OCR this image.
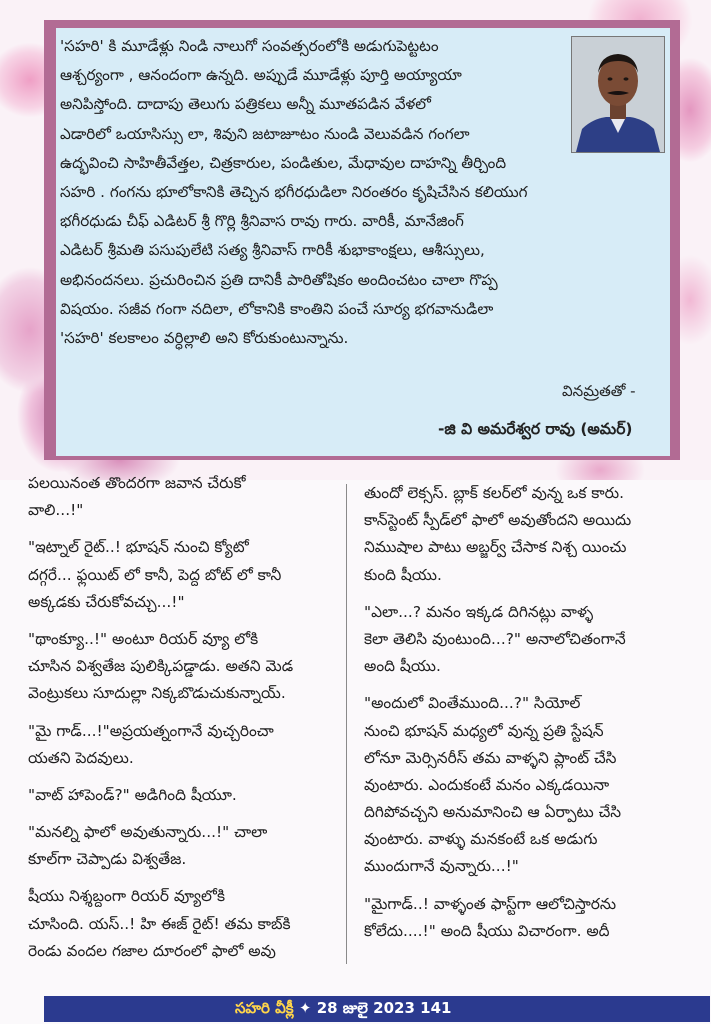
'సహరి' కి మూడేళ్లు నిండి నాలుగో సంవత్సరంలోకి అడుగుపెట్టటం
ఆశ్చర్యంగా , ఆనందంగా ఉన్నది. అప్పుడే మూడేళ్లు పూర్తి అయ్యాయా
అనిపిస్తోంది. దాదాపు తెలుగు పత్రికలు అన్నీ మూతపడిన వేళలో
ఎడారిలో ఒయాసిస్సు లా, శివుని జటాజూటం నుండి వెలువడిన గంగలా
ఉద్భవించి సాహితీవేత్తల, చిత్రకారుల, పండితుల, మేధావుల దాహన్ని తీర్చింది
సహరి . గంగను భూలోకానికి తెచ్చిన భగీరధుడిలా నిరంతరం కృషిచేసిన కలియుగ
భగీరధుడు చీఫ్ ఎడిటర్ శ్రీ గొర్లి శ్రీనివాస రావు గారు. వారికీ, మానేజింగ్
ఎడిటర్ శ్రీమతి పసుపులేటి సత్య శ్రీనివాస్ గారికీ శుభాకాంక్షలు, ఆశీస్సులు,
అభినందనలు. ప్రచురించిన ప్రతి దానికీ పారితోషికం అందించటం చాలా గొప్ప
విషయం. సజీవ గంగా నదిలా, లోకానికి కాంతిని పంచే సూర్య భగవానుడిలా
'సహరి' కలకాలం వర్ధిల్లాలి అని కోరుకుంటున్నాను.
వినమ్రతతో -
-జి వి అమరేశ్వర రావు (అమర్)
పలయినంత తొందరగా జవాన చేరుకో
వాలి...!"
"ఇట్నాల్ రైట్..! భూషన్ నుంచి క్యోటో
దగ్గరే... ఫ్లయిట్ లో కానీ, పెద్ద బోట్ లో కానీ
అక్కడకు చేరుకోవచ్చు...!"
"థాంక్యూ..!" అంటూ రియర్ వ్యూ లోకి
చూసిన విశ్వతేజ పులిక్కిపడ్డాడు. అతని మెడ
వెంట్రుకలు సూదుల్లా నిక్కబొడుచుకున్నాయ్.
"మై గాడ్...!"అప్రయత్నంగానే వుచ్చరించా
యతని పెదవులు.
"వాట్ హాపెండ్?" అడిగింది షీయూ.
"మనల్ని ఫాలో అవుతున్నారు...!" చాలా
కూల్‌గా చెప్పాడు విశ్వతేజ.
షీయు నిశ్శబ్దంగా రియర్ వ్యూలోకి
చూసింది. యస్..! హి ఈజ్ రైట్! తమ కాబ్‌కి
రెండు వందల గజాల దూరంలో ఫాలో అవు
తుందో లెక్సస్. బ్లాక్ కలర్‌లో వున్న ఒక కారు.
కాన్‌స్టెంట్ స్పీడ్‌లో ఫాలో అవుతోందని అయిదు
నిముషాల పాటు అబ్జర్వ్ చేసాక నిశ్చ యించు
కుంది షీయు.
"ఎలా...? మనం ఇక్కడ దిగినట్లు వాళ్ళ
కెలా తెలిసి వుంటుంది...?" అనాలోచితంగానే
అంది షీయు.
"అందులో వింతేముంది...?" సియోల్
నుంచి భూషన్ మధ్యలో వున్న ప్రతి స్టేషన్
లోనూ మెర్సినరీస్ తమ వాళ్ళని ప్లాంట్ చేసి
వుంటారు. ఎందుకంటే మనం ఎక్కడయినా
దిగిపోవచ్చని అనుమానించి ఆ ఏర్పాటు చేసి
వుంటారు. వాళ్ళు మనకంటే ఒక అడుగు
ముందుగానే వున్నారు...!"
"మైగాడ్..! వాళ్ళంత ఫాస్ట్‌గా ఆలోచిస్తారను
కోలేదు....!" అంది షీయు విచారంగా. అదీ
సహరి వీక్లీ ✦ 28 జులై 2023 141
